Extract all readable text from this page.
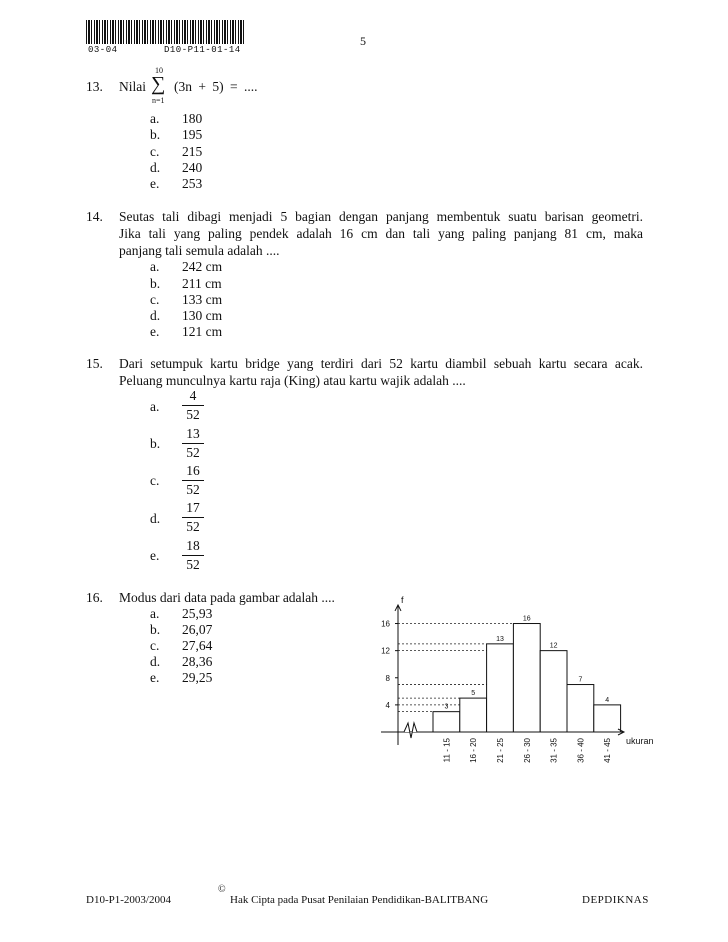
03-04	D10-P11-01-14
5
13. Nilai
10
∑
n=1
(3n + 5) = ....
a. 180
b. 195
c. 215
d. 240
e. 253
14. Seutas tali dibagi menjadi 5 bagian dengan panjang membentuk suatu barisan geometri.
Jika tali yang paling pendek adalah 16 cm dan tali yang paling panjang 81 cm, maka
panjang tali semula adalah ....
a. 242 cm
b. 211 cm
c. 133 cm
d. 130 cm
e. 121 cm
15. Dari setumpuk kartu bridge yang terdiri dari 52 kartu diambil sebuah kartu secara acak.
Peluang munculnya kartu raja (King) atau kartu wajik adalah ....
a. $\frac{4}{52}$
b. $\frac{13}{52}$
c. $\frac{16}{52}$
d. $\frac{17}{52}$
e. $\frac{18}{52}$
16. Modus dari data pada gambar adalah ....
a. 25,93
b. 26,07
c. 27,64
d. 28,36
e. 29,25
3
11 - 15
5
16 - 20
13
21 - 25
16
26 - 30
12
31 - 35
7
36 - 40
4
41 - 45
4
8
12
16
f
ukuran
D10-P1-2003/2004
©
Hak Cipta pada Pusat Penilaian Pendidikan-BALITBANG	DEPDIKNAS
